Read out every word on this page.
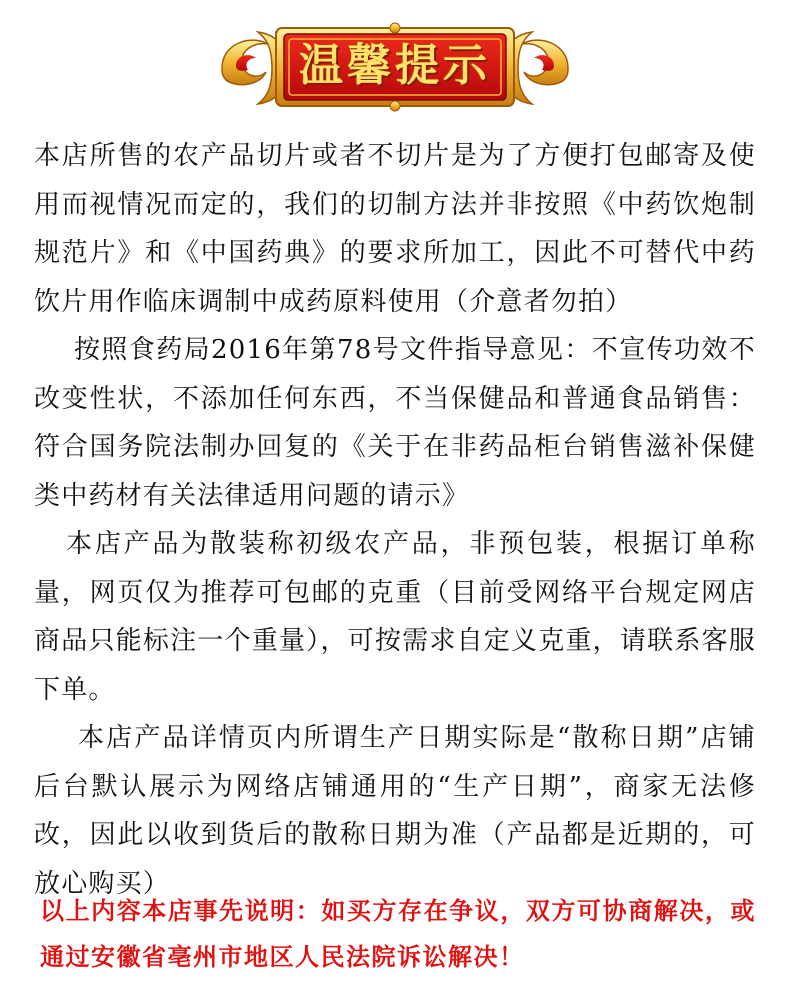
温馨提示

本店所售的农产品切片或者不切片是为了方便打包邮寄及使用而视情况而定的，我们的切制方法并非按照《中药饮炮制规范片》和《中国药典》的要求所加工，因此不可替代中药饮片用作临床调制中成药原料使用（介意者勿拍）

按照食药局2016年第78号文件指导意见：不宣传功效不改变性状，不添加任何东西，不当保健品和普通食品销售：符合国务院法制办回复的《关于在非药品柜台销售滋补保健类中药材有关法律适用问题的请示》

本店产品为散装称初级农产品，非预包装，根据订单称量，网页仅为推荐可包邮的克重（目前受网络平台规定网店商品只能标注一个重量），可按需求自定义克重，请联系客服下单。

本店产品详情页内所谓生产日期实际是“散称日期”店铺后台默认展示为网络店铺通用的“生产日期”，商家无法修改，因此以收到货后的散称日期为准（产品都是近期的，可放心购买）

以上内容本店事先说明：如买方存在争议，双方可协商解决，或通过安徽省亳州市地区人民法院诉讼解决！
